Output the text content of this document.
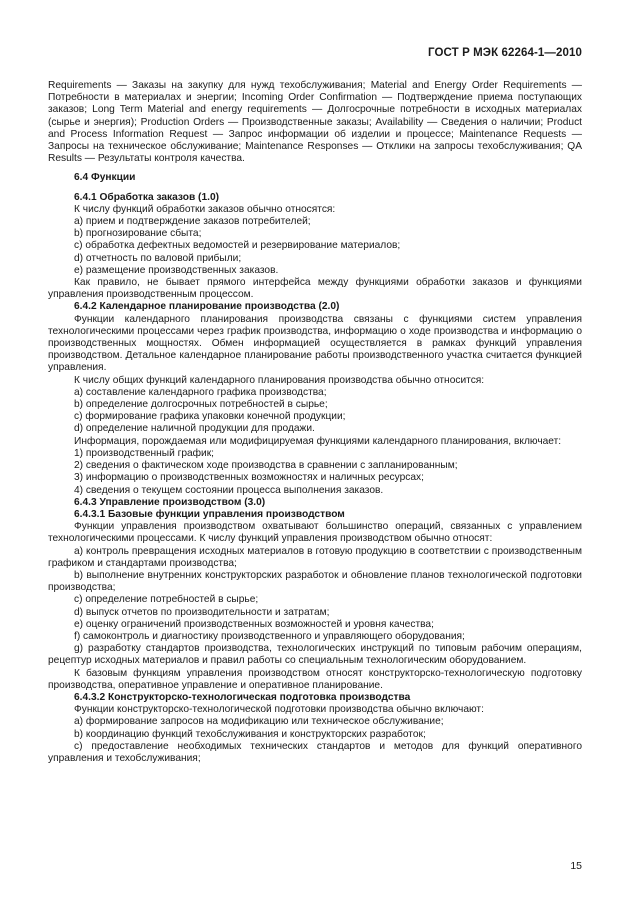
ГОСТ Р МЭК 62264-1—2010

Requirements — Заказы на закупку для нужд техобслуживания; Material and Energy Order Requirements — Потребности в материалах и энергии; Incoming Order Confirmation — Подтверждение приема поступающих заказов; Long Term Material and energy requirements — Долгосрочные потребности в исходных материалах (сырье и энергия); Production Orders — Производственные заказы; Availability — Сведения о наличии; Product and Process Information Request — Запрос информации об изделии и процессе; Maintenance Requests — Запросы на техническое обслуживание; Maintenance Responses — Отклики на запросы техобслуживания; QA Results — Результаты контроля качества.

6.4 Функции

6.4.1 Обработка заказов (1.0)

К числу функций обработки заказов обычно относятся:

a) прием и подтверждение заказов потребителей;

b) прогнозирование сбыта;

c) обработка дефектных ведомостей и резервирование материалов;

d) отчетность по валовой прибыли;

e) размещение производственных заказов.

Как правило, не бывает прямого интерфейса между функциями обработки заказов и функциями управления производственным процессом.

6.4.2 Календарное планирование производства (2.0)

Функции календарного планирования производства связаны с функциями систем управления технологическими процессами через график производства, информацию о ходе производства и информацию о производственных мощностях. Обмен информацией осуществляется в рамках функций управления производством. Детальное календарное планирование работы производственного участка считается функцией управления.

К числу общих функций календарного планирования производства обычно относится:

a) составление календарного графика производства;

b) определение долгосрочных потребностей в сырье;

c) формирование графика упаковки конечной продукции;

d) определение наличной продукции для продажи.

Информация, порождаемая или модифицируемая функциями календарного планирования, включает:

1) производственный график;

2) сведения о фактическом ходе производства в сравнении с запланированным;

3) информацию о производственных возможностях и наличных ресурсах;

4) сведения о текущем состоянии процесса выполнения заказов.

6.4.3 Управление производством (3.0)

6.4.3.1 Базовые функции управления производством

Функции управления производством охватывают большинство операций, связанных с управлением технологическими процессами. К числу функций управления производством обычно относят:

a) контроль превращения исходных материалов в готовую продукцию в соответствии с производственным графиком и стандартами производства;

b) выполнение внутренних конструкторских разработок и обновление планов технологической подготовки производства;

c) определение потребностей в сырье;

d) выпуск отчетов по производительности и затратам;

e) оценку ограничений производственных возможностей и уровня качества;

f) самоконтроль и диагностику производственного и управляющего оборудования;

g) разработку стандартов производства, технологических инструкций по типовым рабочим операциям, рецептур исходных материалов и правил работы со специальным технологическим оборудованием.

К базовым функциям управления производством относят конструкторско-технологическую подготовку производства, оперативное управление и оперативное планирование.

6.4.3.2 Конструкторско-технологическая подготовка производства

Функции конструкторско-технологической подготовки производства обычно включают:

a) формирование запросов на модификацию или техническое обслуживание;

b) координацию функций техобслуживания и конструкторских разработок;

c) предоставление необходимых технических стандартов и методов для функций оперативного управления и техобслуживания;

15
